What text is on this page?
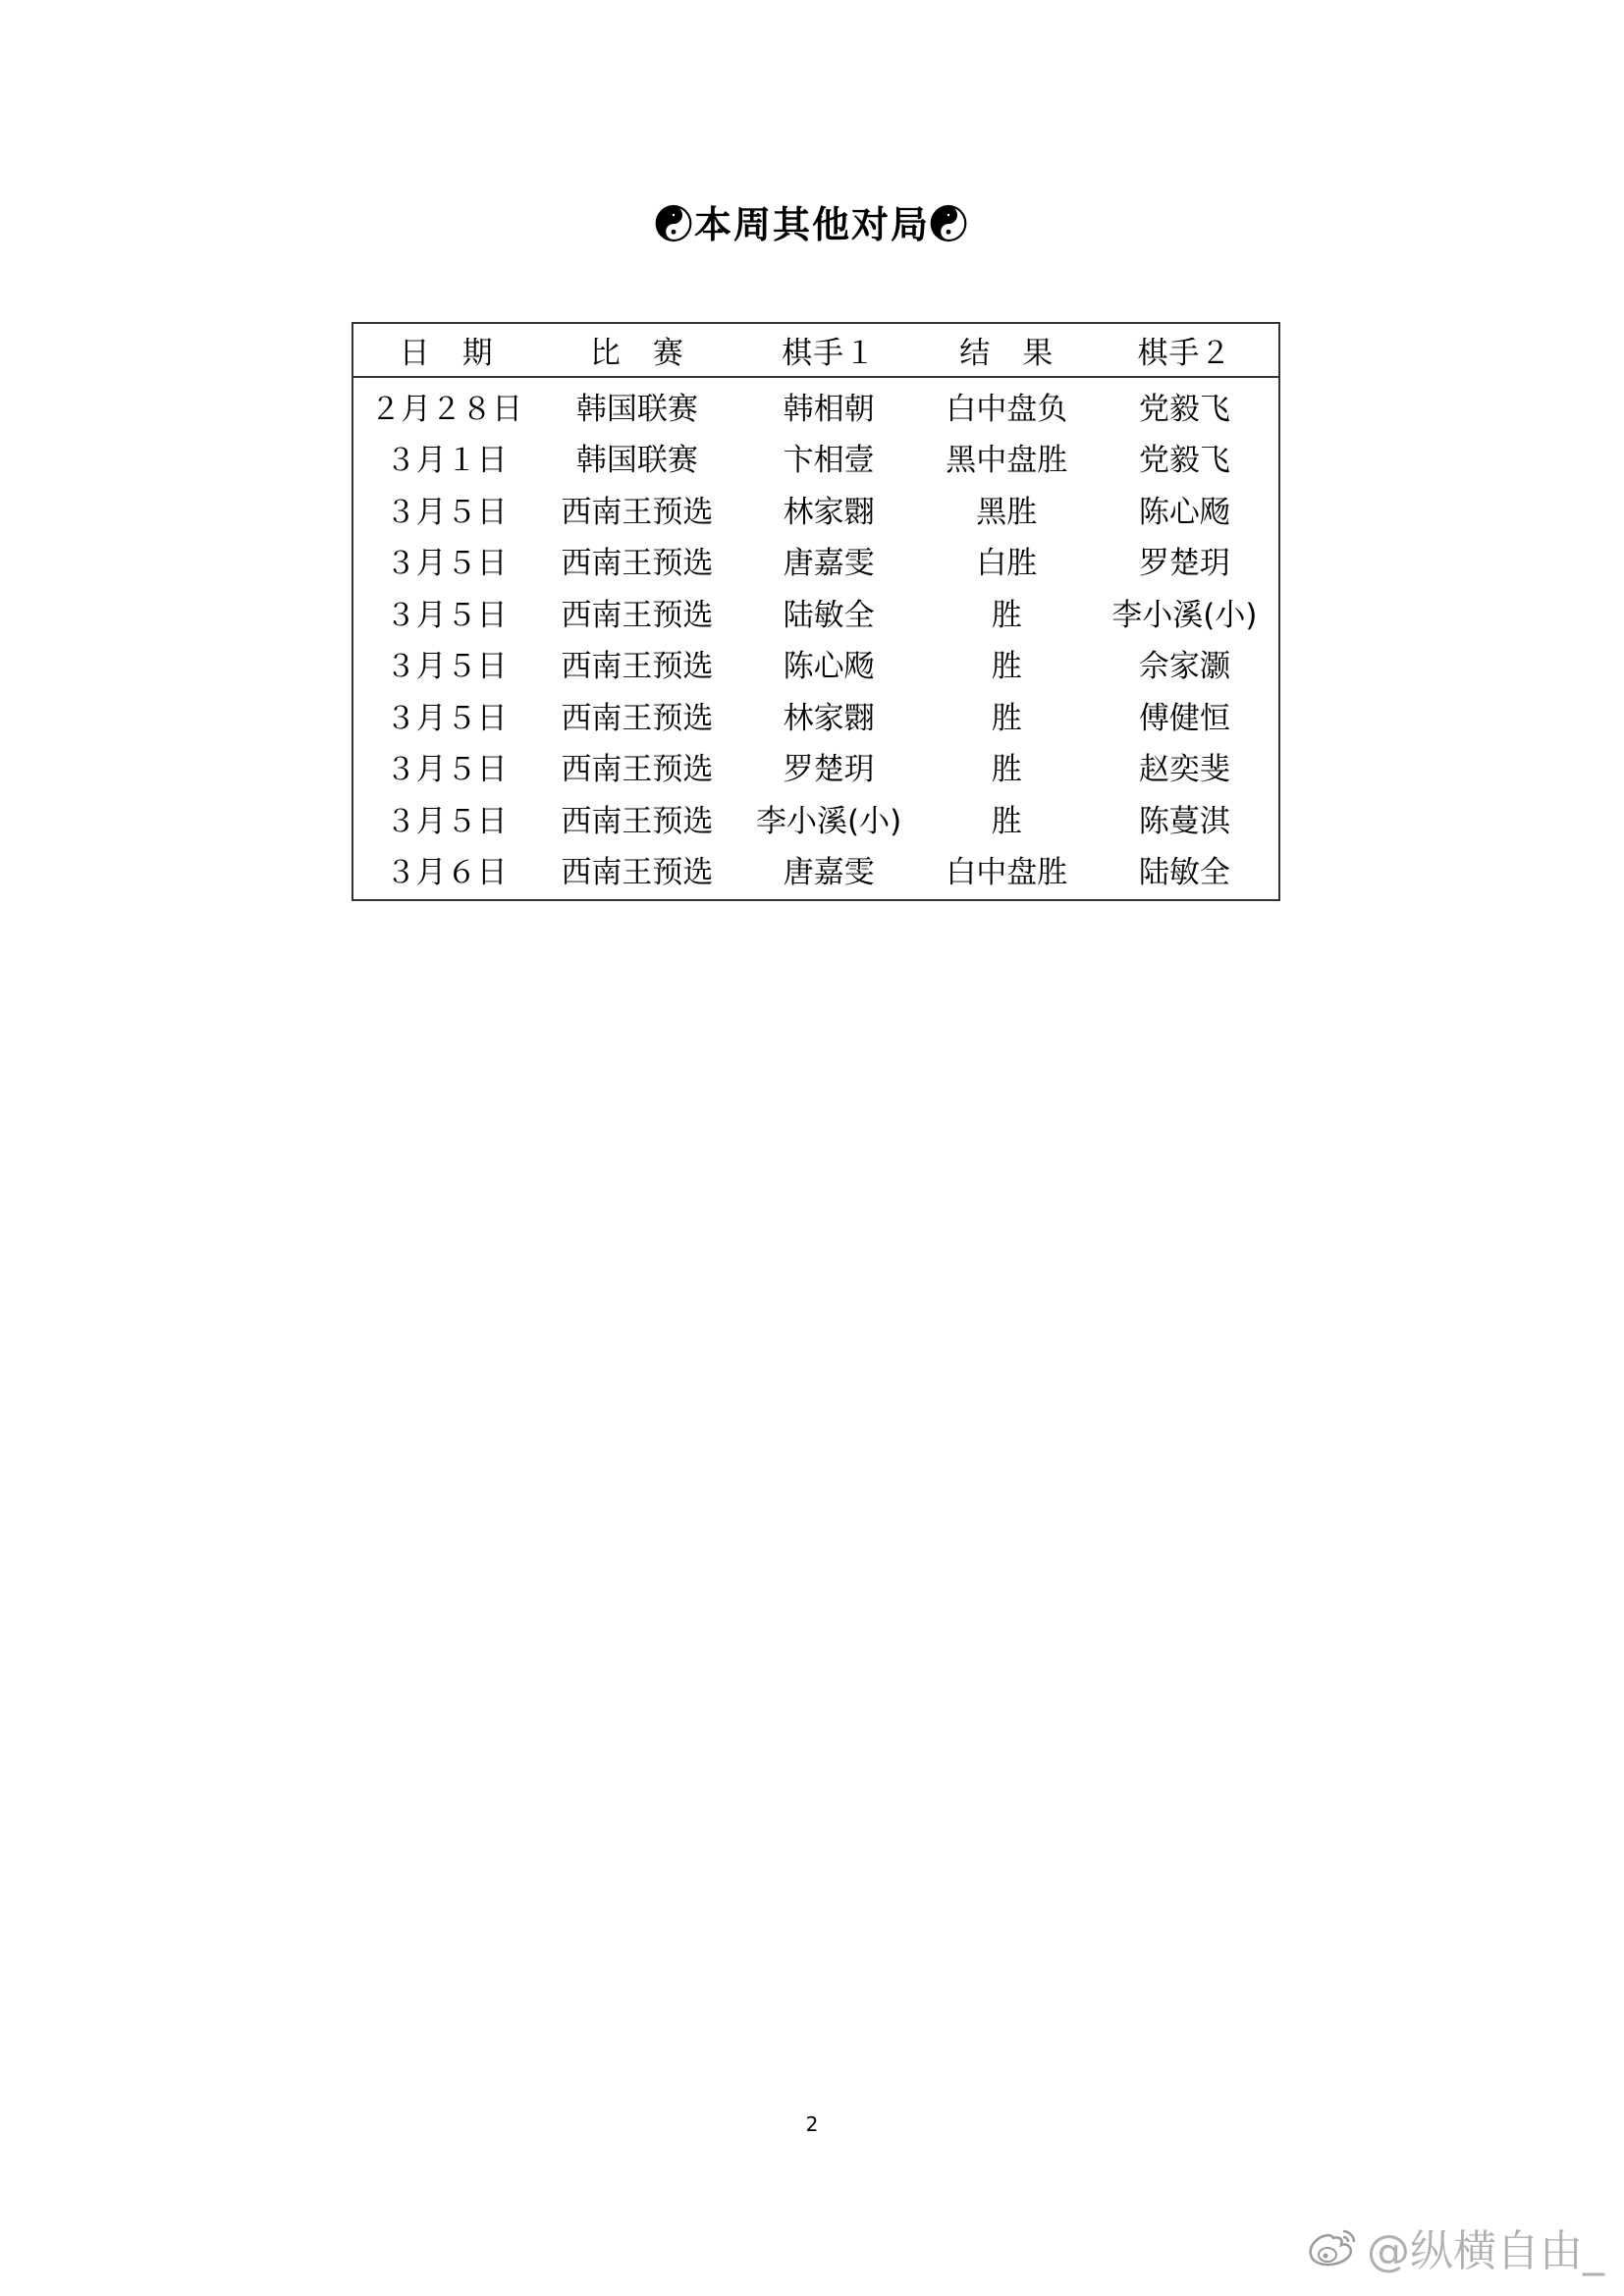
☯本周其他对局☯
日　期	比　赛	棋手１	结　果	棋手２
２月２８日	韩国联赛	韩相朝	白中盘负	党毅飞
３月１日	韩国联赛	卞相壹	黑中盘胜	党毅飞
３月５日	西南王预选	林家翾	黑胜	陈心飏
３月５日	西南王预选	唐嘉雯	白胜	罗楚玥
３月５日	西南王预选	陆敏全	胜	李小溪(小)
３月５日	西南王预选	陈心飏	胜	佘家灏
３月５日	西南王预选	林家翾	胜	傅健恒
３月５日	西南王预选	罗楚玥	胜	赵奕斐
３月５日	西南王预选	李小溪(小)	胜	陈蔓淇
３月６日	西南王预选	唐嘉雯	白中盘胜	陆敏全
2
@纵横自由_
